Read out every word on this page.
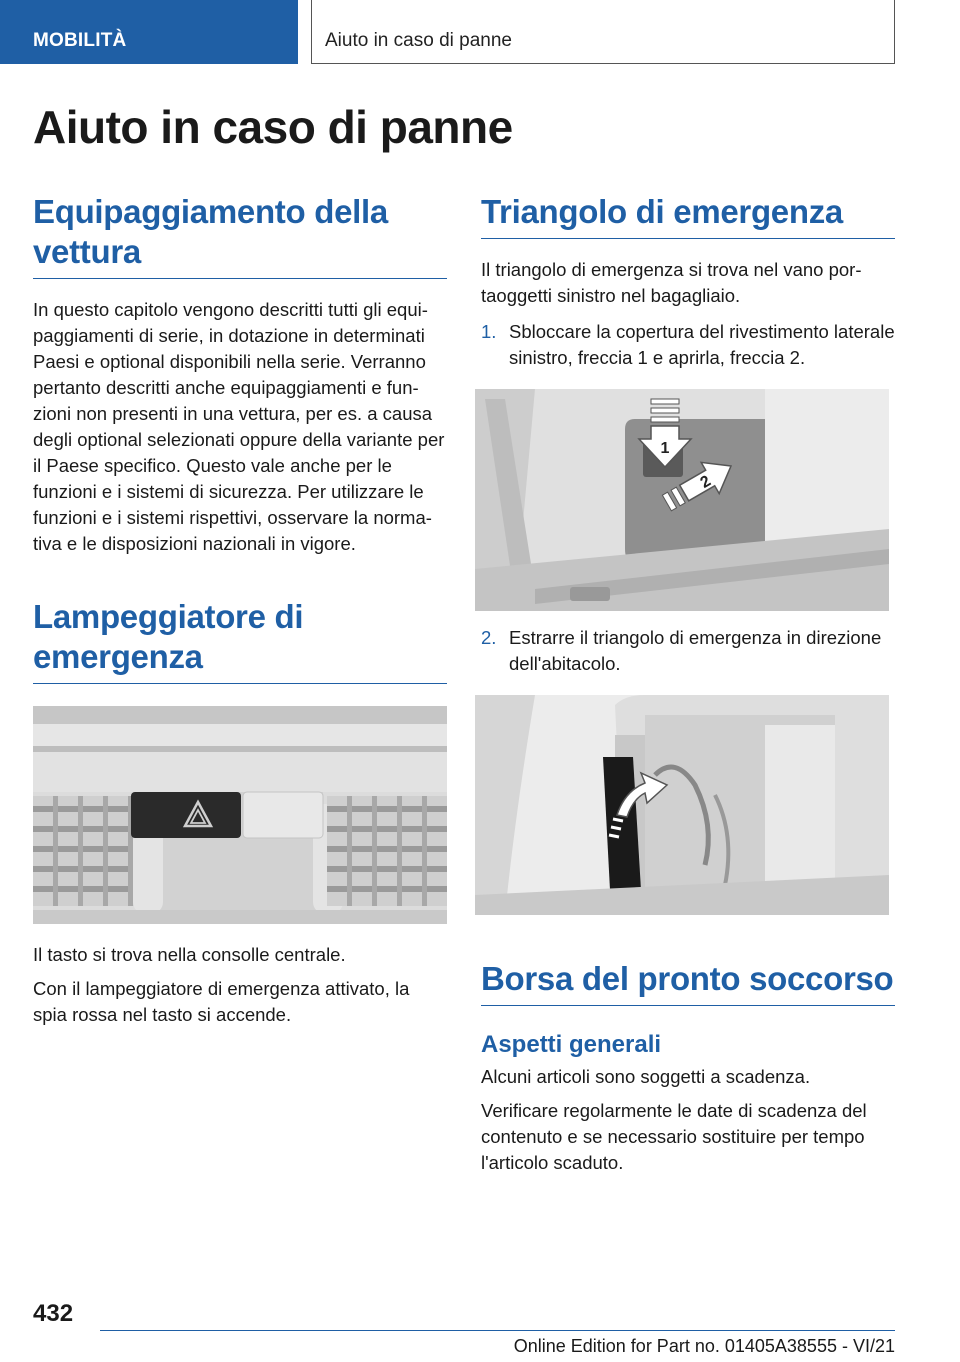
MOBILITÀ	Aiuto in caso di panne
Aiuto in caso di panne
Equipaggiamento della vettura

In questo capitolo vengono descritti tutti gli equipaggiamenti di serie, in dotazione in determinati Paesi e optional disponibili nella serie. Verranno pertanto descritti anche equipaggiamenti e funzioni non presenti in una vettura, per es. a causa degli optional selezionati oppure della variante per il Paese specifico. Questo vale anche per le funzioni e i sistemi di sicurezza. Per utilizzare le funzioni e i sistemi rispettivi, osservare la normativa e le disposizioni nazionali in vigore.

Lampeggiatore di emergenza

Il tasto si trova nella consolle centrale.

Con il lampeggiatore di emergenza attivato, la spia rossa nel tasto si accende.

Triangolo di emergenza

Il triangolo di emergenza si trova nel vano portaoggetti sinistro nel bagagliaio.

1. Sbloccare la copertura del rivestimento laterale sinistro, freccia 1 e aprirla, freccia 2.
1
2
2. Estrarre il triangolo di emergenza in direzione dell'abitacolo.
Borsa del pronto soccorso
Aspetti generali

Alcuni articoli sono soggetti a scadenza.

Verificare regolarmente le date di scadenza del contenuto e se necessario sostituire per tempo l'articolo scaduto.

432
Online Edition for Part no. 01405A38555 - VI/21
